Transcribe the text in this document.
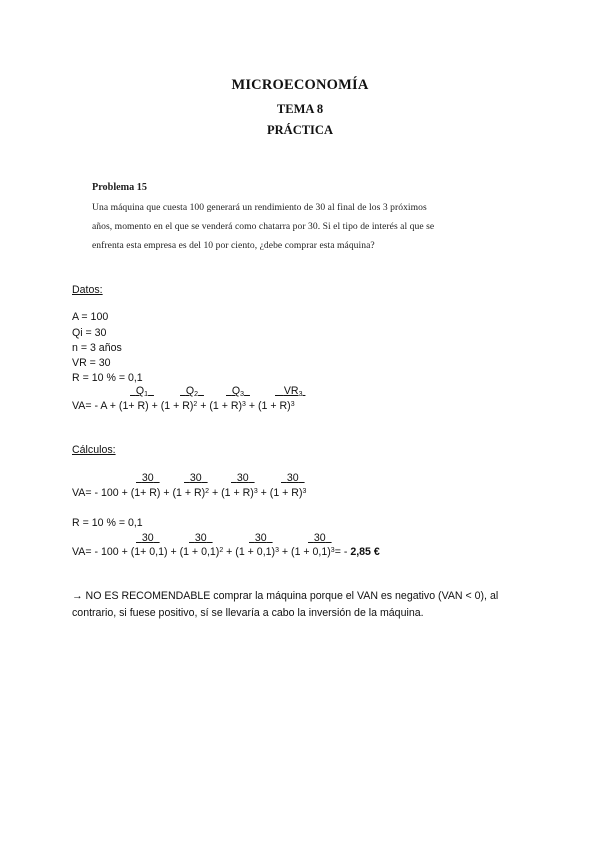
MICROECONOMÍA
TEMA 8
PRÁCTICA
Problema 15
Una máquina que cuesta 100 generará un rendimiento de 30 al final de los 3 próximos
años, momento en el que se venderá como chatarra por 30. Si el tipo de interés al que se
enfrenta esta empresa es del 10 por ciento, ¿debe comprar esta máquina?
Datos:
A = 100
Qi = 30
n = 3 años
VR = 30
R = 10 % = 0,1
$Q_1$	$Q_2$	$Q_3$	$VR_3$
$VA= - A + (1+ R) + (1 + R)^2 + (1 + R)^3 + (1 + R)^3$
Cálculos:
30	30	30	30
$VA= - 100 + (1+ R) + (1 + R)^2 + (1 + R)^3 + (1 + R)^3$
R = 10 % = 0,1
30	30	30	30
$VA= - 100 + (1+ 0,1) + (1 + 0,1)^2 + (1 + 0,1)^3 + (1 + 0,1)^3= - 2,85$ €
→ NO ES RECOMENDABLE comprar la máquina porque el VAN es negativo (VAN < 0), al contrario, si fuese positivo, sí se llevaría a cabo la inversión de la máquina.
